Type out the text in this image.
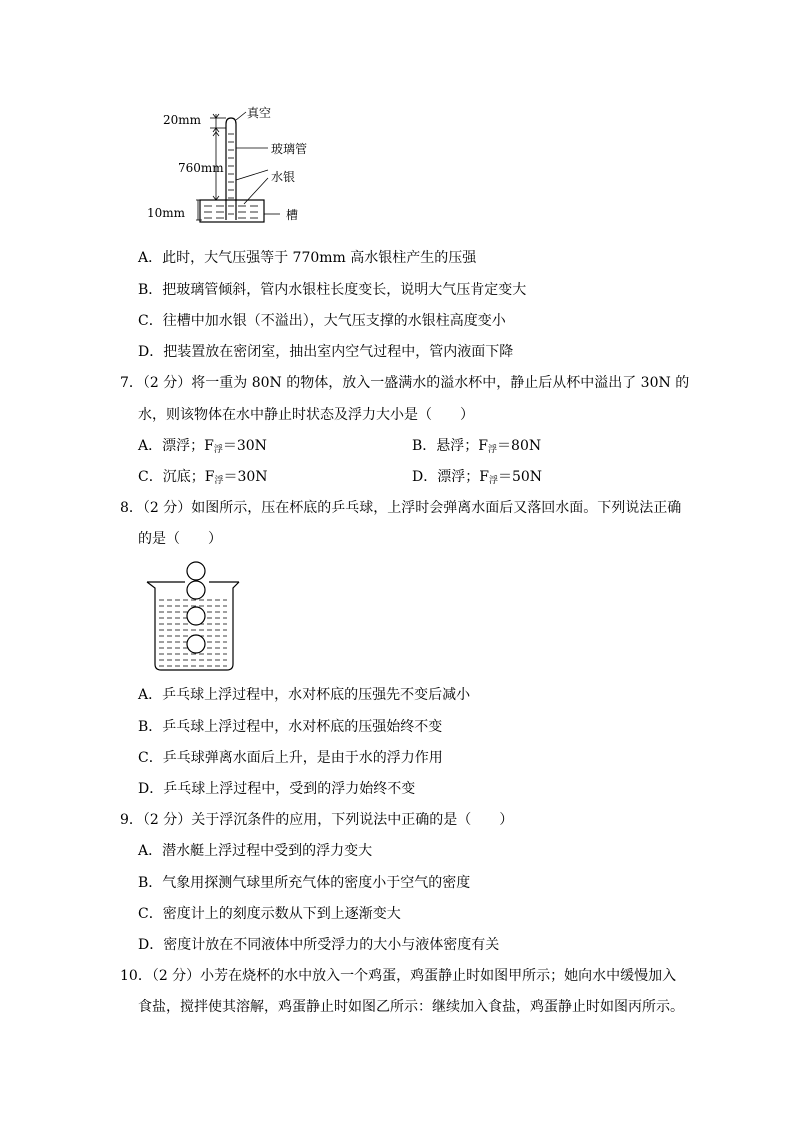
20mm
760mm
10mm
真空
玻璃管
水银
槽
A．此时，大气压强等于 770mm 高水银柱产生的压强
B．把玻璃管倾斜，管内水银柱长度变长，说明大气压肯定变大
C．往槽中加水银（不溢出），大气压支撑的水银柱高度变小
D．把装置放在密闭室，抽出室内空气过程中，管内液面下降
7．（2 分）将一重为 80N 的物体，放入一盛满水的溢水杯中，静止后从杯中溢出了 30N 的
水，则该物体在水中静止时状态及浮力大小是（　　）
A．漂浮；$F_浮=30N$	B．悬浮；$F_浮=80N$
C．沉底；$F_浮=30N$	D．漂浮；$F_浮=50N$
8．（2 分）如图所示，压在杯底的乒乓球，上浮时会弹离水面后又落回水面。下列说法正确
的是（　　）
A．乒乓球上浮过程中，水对杯底的压强先不变后减小
B．乒乓球上浮过程中，水对杯底的压强始终不变
C．乒乓球弹离水面后上升，是由于水的浮力作用
D．乒乓球上浮过程中，受到的浮力始终不变
9．（2 分）关于浮沉条件的应用，下列说法中正确的是（　　）
A．潜水艇上浮过程中受到的浮力变大
B．气象用探测气球里所充气体的密度小于空气的密度
C．密度计上的刻度示数从下到上逐渐变大
D．密度计放在不同液体中所受浮力的大小与液体密度有关
10．（2 分）小芳在烧杯的水中放入一个鸡蛋，鸡蛋静止时如图甲所示；她向水中缓慢加入
食盐，搅拌使其溶解，鸡蛋静止时如图乙所示：继续加入食盐，鸡蛋静止时如图丙所示。
